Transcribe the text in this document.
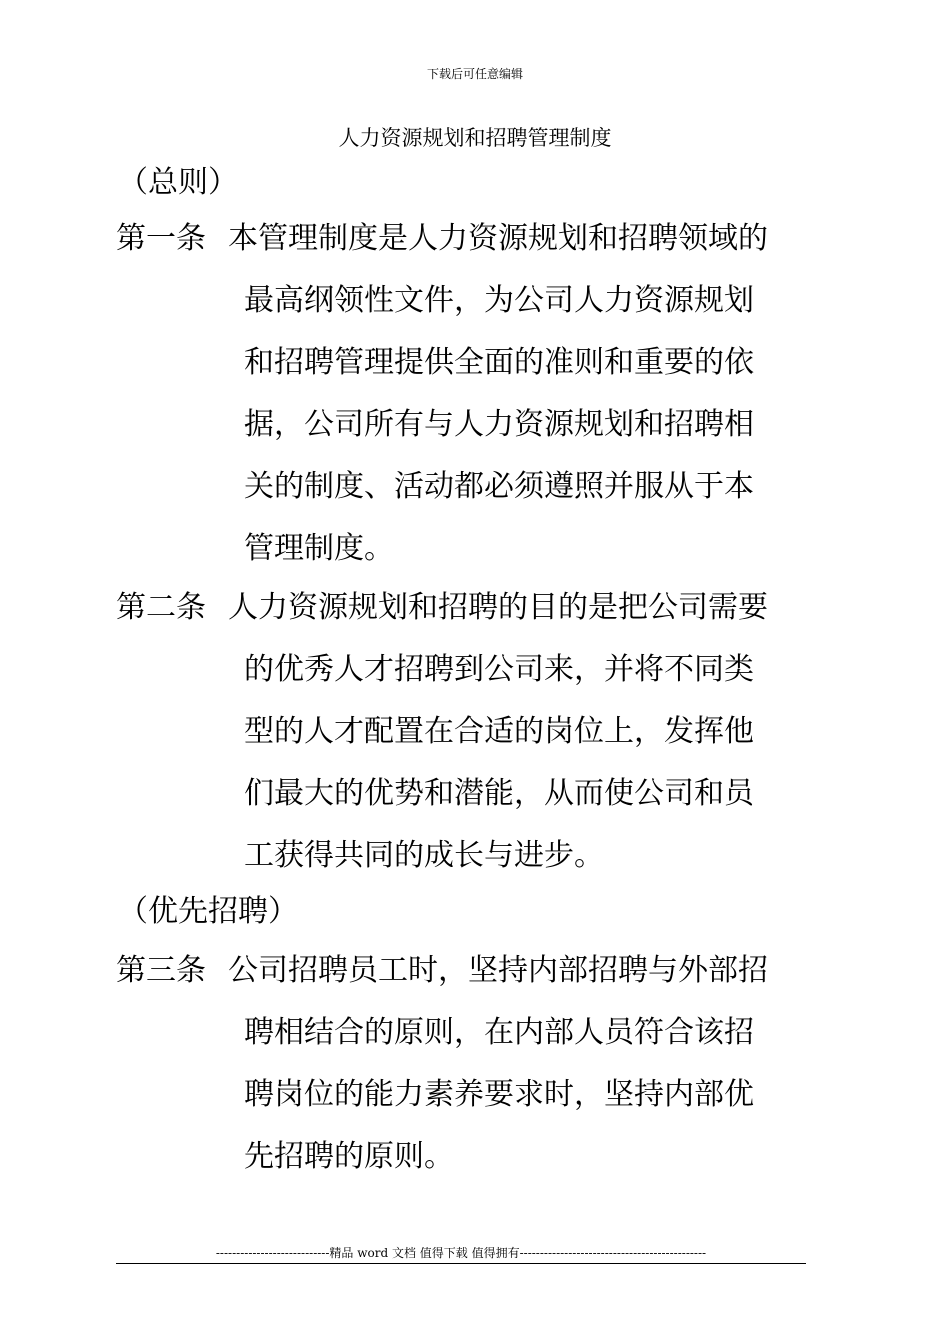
下载后可任意编辑
人力资源规划和招聘管理制度
（总则）
第一条 本管理制度是人力资源规划和招聘领域的
最高纲领性文件，为公司人力资源规划
和招聘管理提供全面的准则和重要的依
据，公司所有与人力资源规划和招聘相
关的制度、活动都必须遵照并服从于本
管理制度。
第二条 人力资源规划和招聘的目的是把公司需要
的优秀人才招聘到公司来，并将不同类
型的人才配置在合适的岗位上，发挥他
们最大的优势和潜能，从而使公司和员
工获得共同的成长与进步。
（优先招聘）
第三条 公司招聘员工时，坚持内部招聘与外部招
聘相结合的原则，在内部人员符合该招
聘岗位的能力素养要求时，坚持内部优
先招聘的原则。
----------------------------精品 word 文档 值得下载 值得拥有----------------------------------------------
